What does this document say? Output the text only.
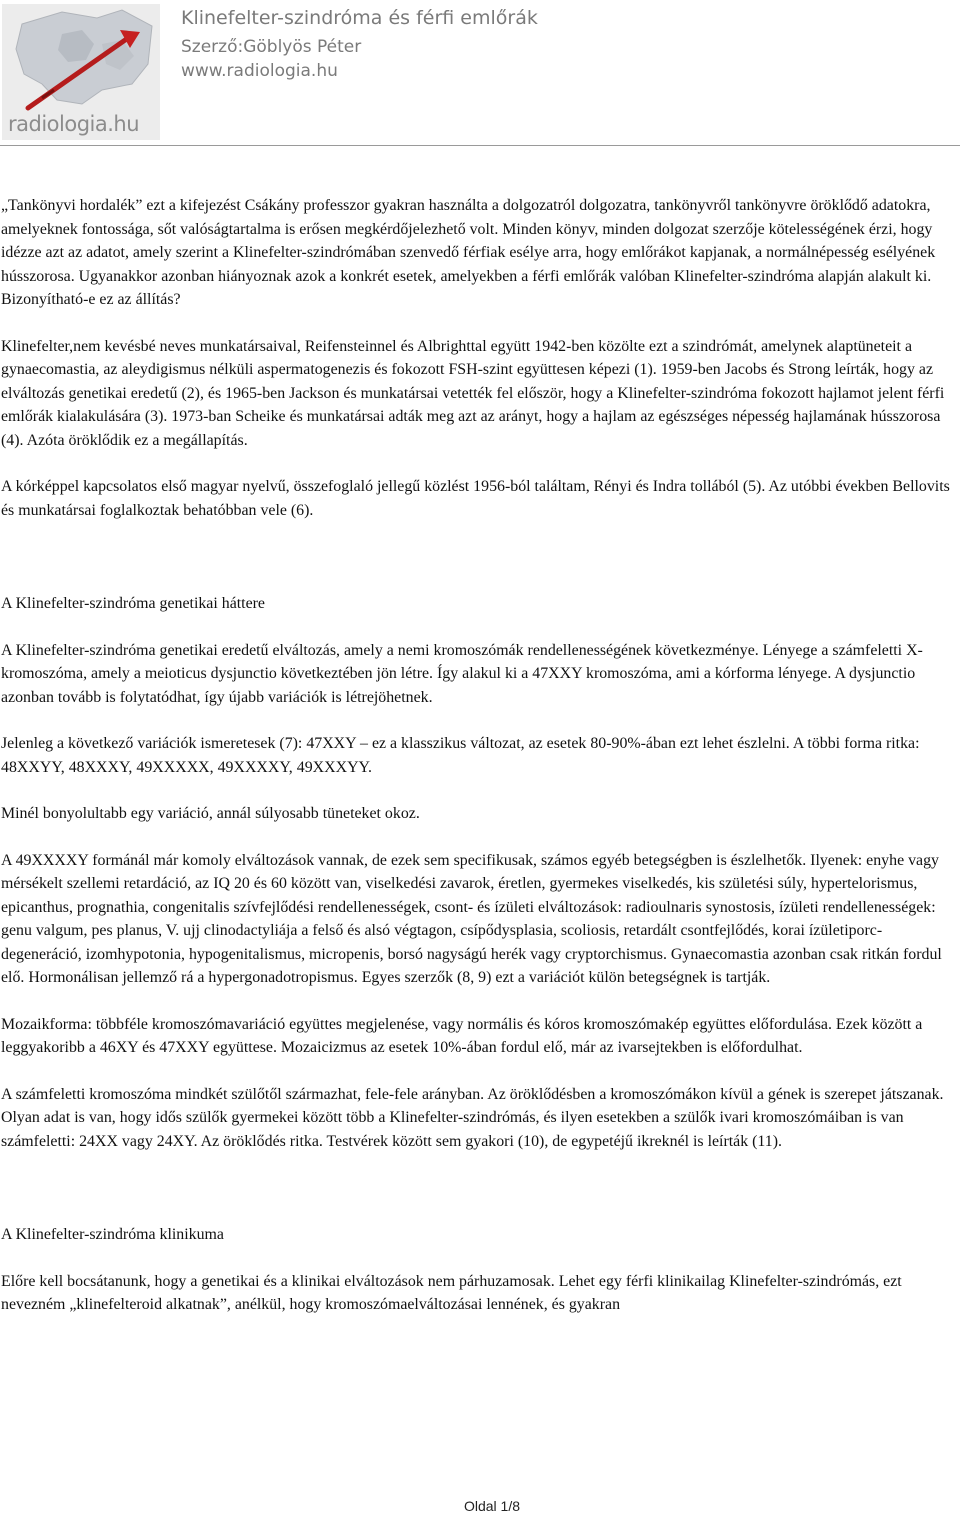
radiologia.hu
Klinefelter-szindróma és férfi emlőrák
Szerző:Göblyös Péter
www.radiologia.hu

„Tankönyvi hordalék” ezt a kifejezést Csákány professzor gyakran használta a dolgozatról dolgozatra, tankönyvről tankönyvre öröklődő adatokra, amelyeknek fontossága, sőt valóságtartalma is erősen megkérdőjelezhető volt. Minden könyv, minden dolgozat szerzője kötelességének érzi, hogy idézze azt az adatot, amely szerint a Klinefelter-szindrómában szenvedő férfiak esélye arra, hogy emlőrákot kapjanak, a normálnépesség esélyének hússzorosa. Ugyanakkor azonban hiányoznak azok a konkrét esetek, amelyekben a férfi emlőrák valóban Klinefelter-szindróma alapján alakult ki. Bizonyítható-e ez az állítás?

Klinefelter,nem kevésbé neves munkatársaival, Reifensteinnel és Albrighttal együtt 1942-ben közölte ezt a szindrómát, amelynek alaptüneteit a gynaecomastia, az aleydigismus nélküli aspermatogenezis és fokozott FSH-szint együttesen képezi (1). 1959-ben Jacobs és Strong leírták, hogy az elváltozás genetikai eredetű (2), és 1965-ben Jackson és munkatársai vetették fel először, hogy a Klinefelter-szindróma fokozott hajlamot jelent férfi emlőrák kialakulására (3). 1973-ban Scheike és munkatársai adták meg azt az arányt, hogy a hajlam az egészséges népesség hajlamának hússzorosa (4). Azóta öröklődik ez a megállapítás.

A kórképpel kapcsolatos első magyar nyelvű, összefoglaló jellegű közlést 1956-ból találtam, Rényi és Indra tollából (5). Az utóbbi években Bellovits és munkatársai foglalkoztak behatóbban vele (6).

A Klinefelter-szindróma genetikai háttere

A Klinefelter-szindróma genetikai eredetű elváltozás, amely a nemi kromoszómák rendellenességének következménye. Lényege a számfeletti X-kromoszóma, amely a meioticus dysjunctio következtében jön létre. Így alakul ki a 47XXY kromoszóma, ami a kórforma lényege. A dysjunctio azonban tovább is folytatódhat, így újabb variációk is létrejöhetnek.

Jelenleg a következő variációk ismeretesek (7): 47XXY – ez a klasszikus változat, az esetek 80-90%-ában ezt lehet észlelni. A többi forma ritka: 48XXYY, 48XXXY, 49XXXXX, 49XXXXY, 49XXXYY.

Minél bonyolultabb egy variáció, annál súlyosabb tüneteket okoz.

A 49XXXXY formánál már komoly elváltozások vannak, de ezek sem specifikusak, számos egyéb betegségben is észlelhetők. Ilyenek: enyhe vagy mérsékelt szellemi retardáció, az IQ 20 és 60 között van, viselkedési zavarok, éretlen, gyermekes viselkedés, kis születési súly, hypertelorismus, epicanthus, prognathia, congenitalis szívfejlődési rendellenességek, csont- és ízületi elváltozások: radioulnaris synostosis, ízületi rendellenességek: genu valgum, pes planus, V. ujj clinodactyliája a felső és alsó végtagon, csípődysplasia, scoliosis, retardált csontfejlődés, korai ízületiporc-degeneráció, izomhypotonia, hypogenitalismus, micropenis, borsó nagyságú herék vagy cryptorchismus. Gynaecomastia azonban csak ritkán fordul elő. Hormonálisan jellemző rá a hypergonadotropismus. Egyes szerzők (8, 9) ezt a variációt külön betegségnek is tartják.

Mozaikforma: többféle kromoszómavariáció együttes megjelenése, vagy normális és kóros kromoszómakép együttes előfordulása. Ezek között a leggyakoribb a 46XY és 47XXY együttese. Mozaicizmus az esetek 10%-ában fordul elő, már az ivarsejtekben is előfordulhat.

A számfeletti kromoszóma mindkét szülőtől származhat, fele-fele arányban. Az öröklődésben a kromoszómákon kívül a gének is szerepet játszanak. Olyan adat is van, hogy idős szülők gyermekei között több a Klinefelter-szindrómás, és ilyen esetekben a szülők ivari kromoszómáiban is van számfeletti: 24XX vagy 24XY. Az öröklődés ritka. Testvérek között sem gyakori (10), de egypetéjű ikreknél is leírták (11).

A Klinefelter-szindróma klinikuma

Előre kell bocsátanunk, hogy a genetikai és a klinikai elváltozások nem párhuzamosak. Lehet egy férfi klinikailag Klinefelter-szindrómás, ezt nevezném „klinefelteroid alkatnak”, anélkül, hogy kromoszómaelváltozásai lennének, és gyakran

Oldal 1/8
